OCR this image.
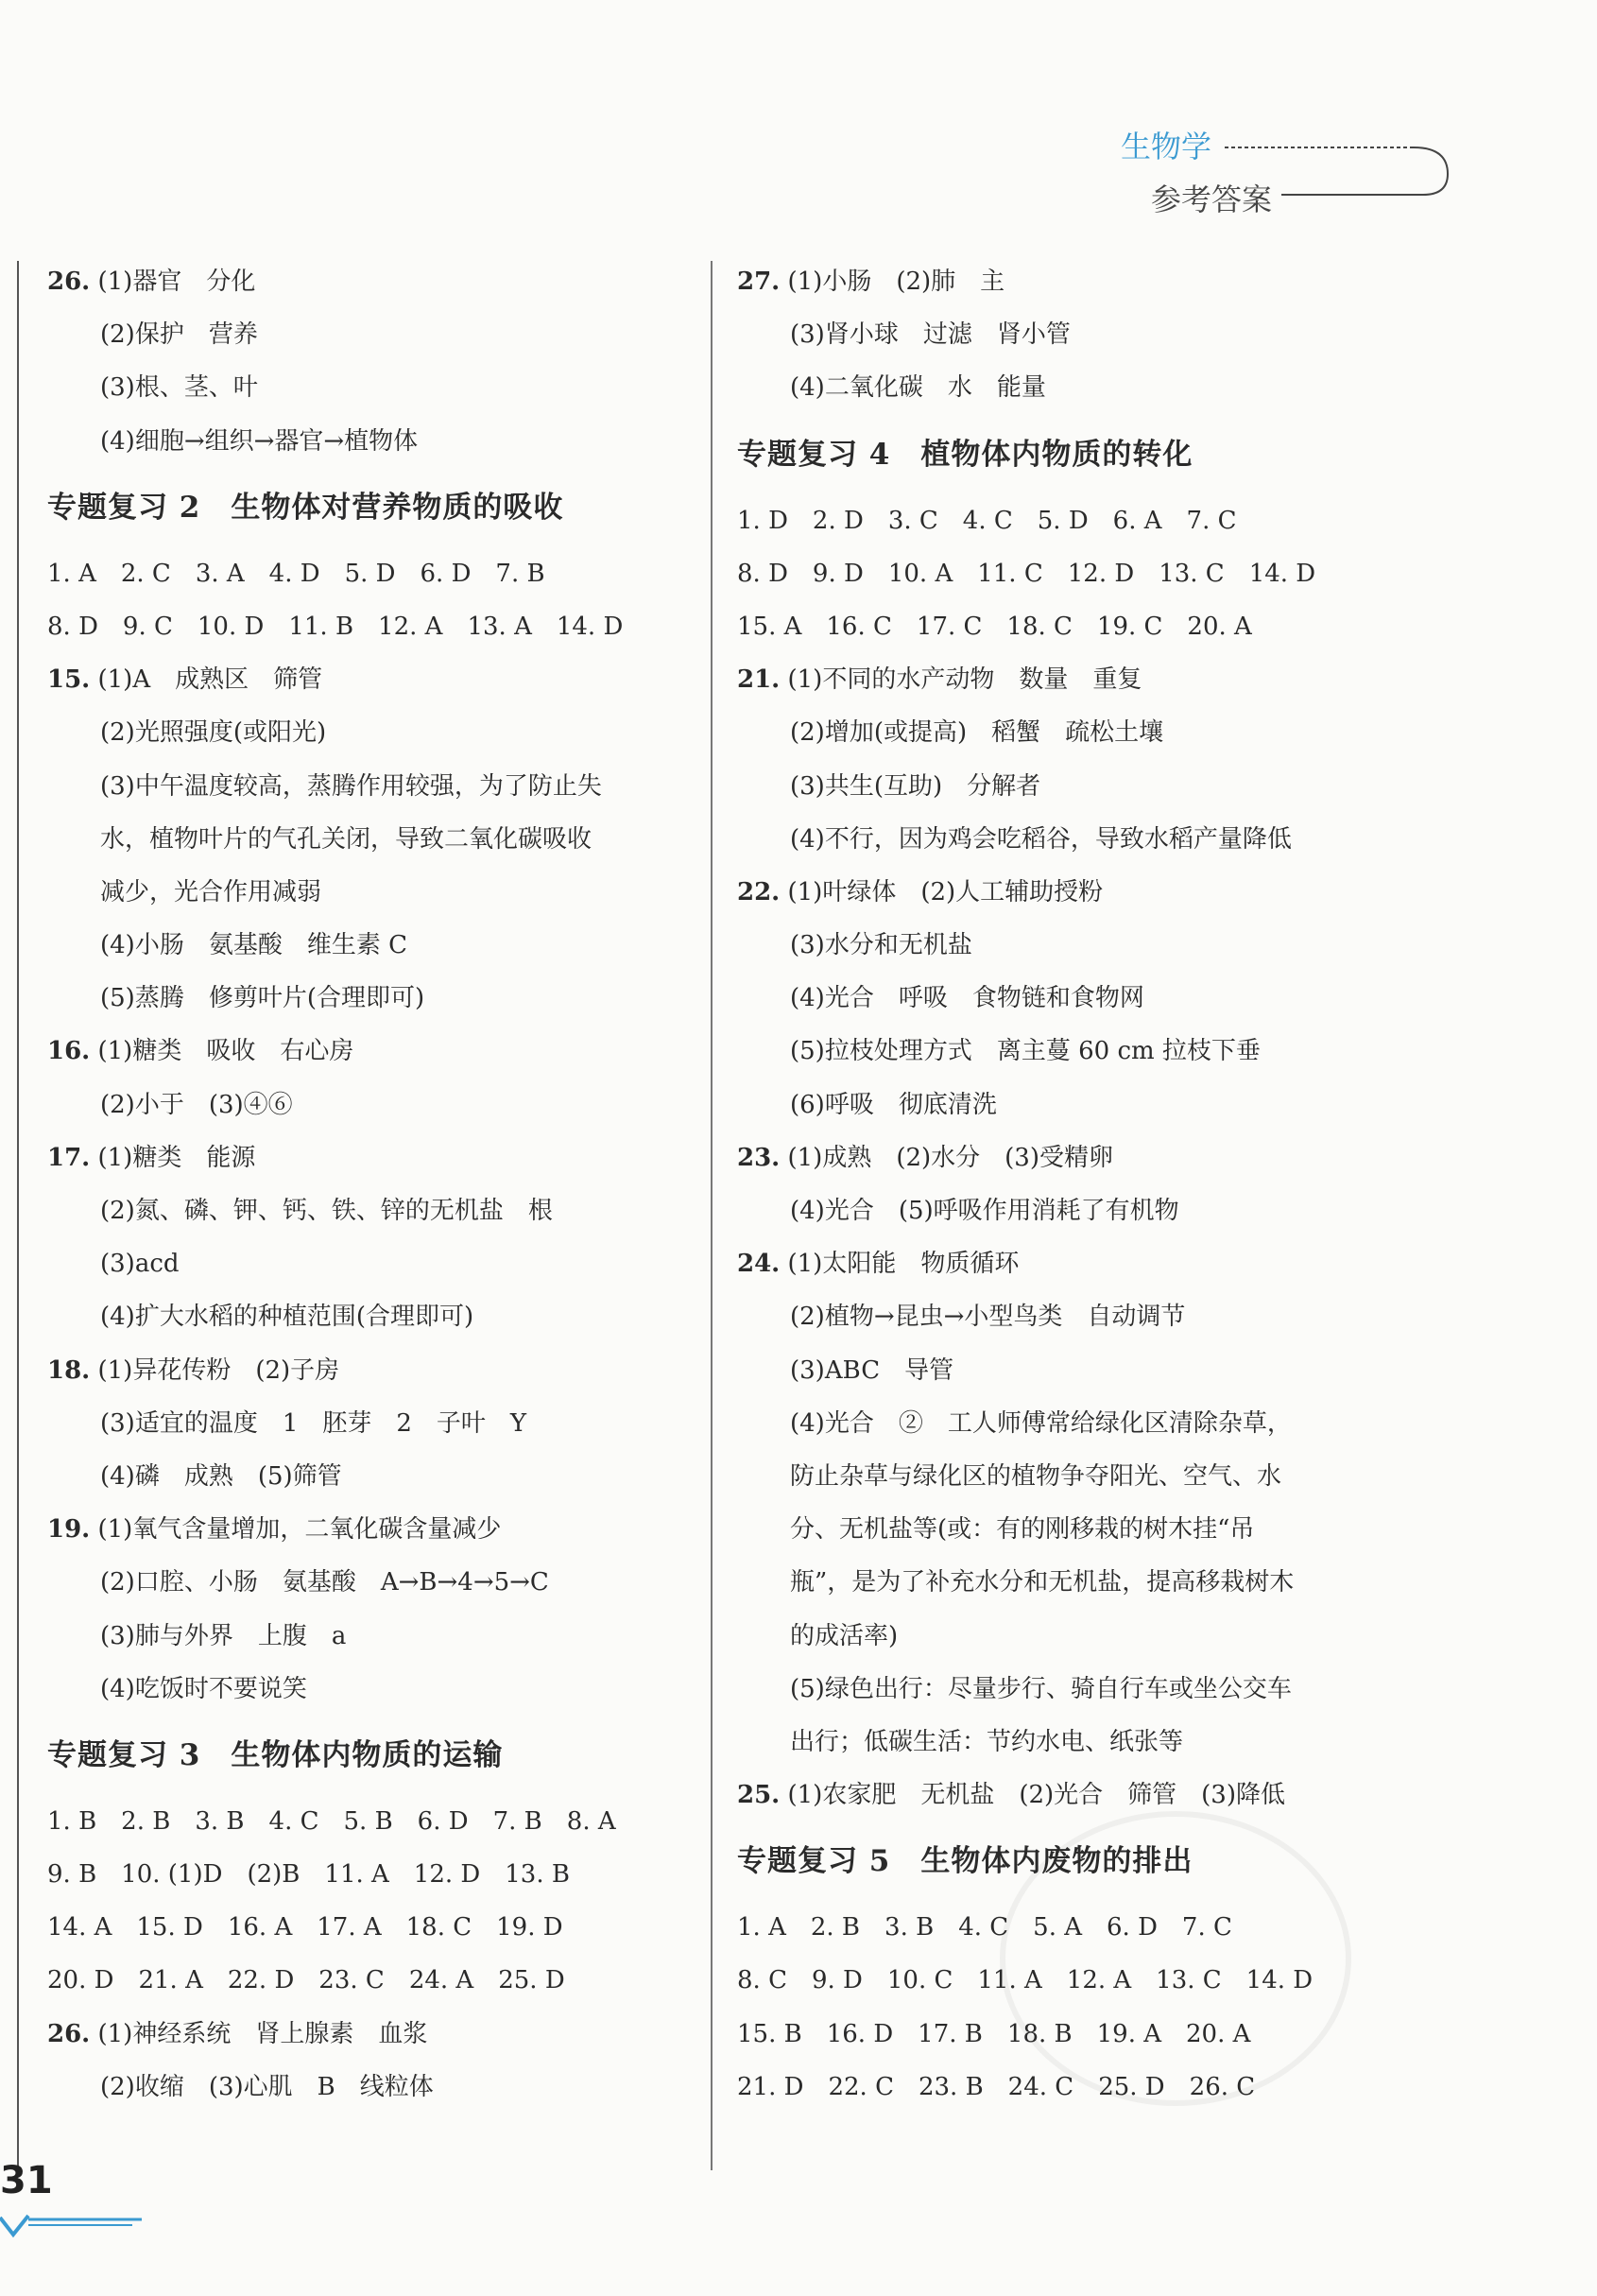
生物学
参考答案
26. (1)器官　分化
(2)保护　营养
(3)根、茎、叶
(4)细胞→组织→器官→植物体
专题复习 2　生物体对营养物质的吸收
1. A　2. C　3. A　4. D　5. D　6. D　7. B
8. D　9. C　10. D　11. B　12. A　13. A　14. D
15. (1)A　成熟区　筛管
(2)光照强度(或阳光)
(3)中午温度较高，蒸腾作用较强，为了防止失
水，植物叶片的气孔关闭，导致二氧化碳吸收
减少，光合作用减弱
(4)小肠　氨基酸　维生素 C
(5)蒸腾　修剪叶片(合理即可)
16. (1)糖类　吸收　右心房
(2)小于　(3)④⑥
17. (1)糖类　能源
(2)氮、磷、钾、钙、铁、锌的无机盐　根
(3)acd
(4)扩大水稻的种植范围(合理即可)
18. (1)异花传粉　(2)子房
(3)适宜的温度　1　胚芽　2　子叶　Y
(4)磷　成熟　(5)筛管
19. (1)氧气含量增加，二氧化碳含量减少
(2)口腔、小肠　氨基酸　A→B→4→5→C
(3)肺与外界　上腹　a
(4)吃饭时不要说笑
专题复习 3　生物体内物质的运输
1. B　2. B　3. B　4. C　5. B　6. D　7. B　8. A
9. B　10. (1)D　(2)B　11. A　12. D　13. B
14. A　15. D　16. A　17. A　18. C　19. D
20. D　21. A　22. D　23. C　24. A　25. D
26. (1)神经系统　肾上腺素　血浆
(2)收缩　(3)心肌　B　线粒体
27. (1)小肠　(2)肺　主
(3)肾小球　过滤　肾小管
(4)二氧化碳　水　能量
专题复习 4　植物体内物质的转化
1. D　2. D　3. C　4. C　5. D　6. A　7. C
8. D　9. D　10. A　11. C　12. D　13. C　14. D
15. A　16. C　17. C　18. C　19. C　20. A
21. (1)不同的水产动物　数量　重复
(2)增加(或提高)　稻蟹　疏松土壤
(3)共生(互助)　分解者
(4)不行，因为鸡会吃稻谷，导致水稻产量降低
22. (1)叶绿体　(2)人工辅助授粉
(3)水分和无机盐
(4)光合　呼吸　食物链和食物网
(5)拉枝处理方式　离主蔓 60 cm 拉枝下垂
(6)呼吸　彻底清洗
23. (1)成熟　(2)水分　(3)受精卵
(4)光合　(5)呼吸作用消耗了有机物
24. (1)太阳能　物质循环
(2)植物→昆虫→小型鸟类　自动调节
(3)ABC　导管
(4)光合　②　工人师傅常给绿化区清除杂草，
防止杂草与绿化区的植物争夺阳光、空气、水
分、无机盐等(或：有的刚移栽的树木挂“吊
瓶”，是为了补充水分和无机盐，提高移栽树木
的成活率)
(5)绿色出行：尽量步行、骑自行车或坐公交车
出行；低碳生活：节约水电、纸张等
25. (1)农家肥　无机盐　(2)光合　筛管　(3)降低
专题复习 5　生物体内废物的排出
1. A　2. B　3. B　4. C　5. A　6. D　7. C
8. C　9. D　10. C　11. A　12. A　13. C　14. D
15. B　16. D　17. B　18. B　19. A　20. A
21. D　22. C　23. B　24. C　25. D　26. C
31
